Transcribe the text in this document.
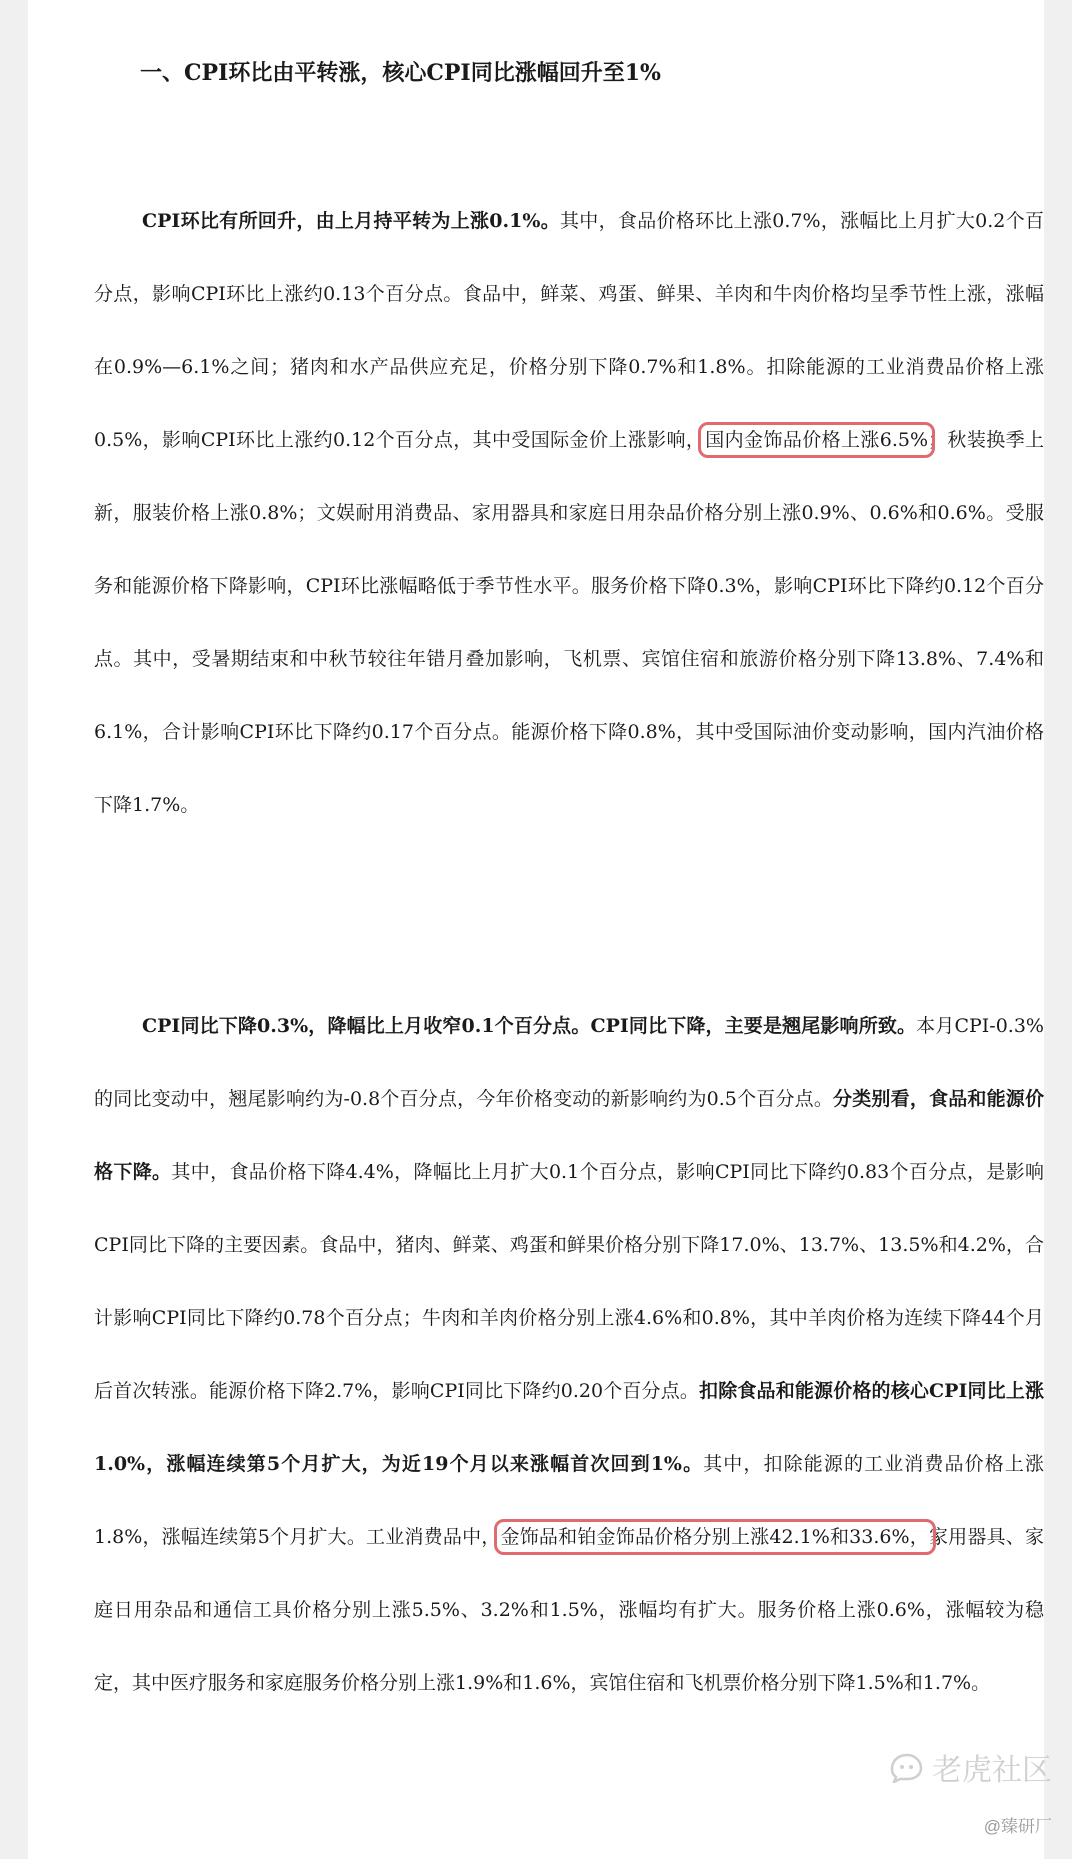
一、CPI环比由平转涨，核心CPI同比涨幅回升至1%
CPI环比有所回升，由上月持平转为上涨0.1%。其中，食品价格环比上涨0.7%，涨幅比上月扩大0.2个百分点，影响CPI环比上涨约0.13个百分点。食品中，鲜菜、鸡蛋、鲜果、羊肉和牛肉价格均呈季节性上涨，涨幅在0.9%—6.1%之间；猪肉和水产品供应充足，价格分别下降0.7%和1.8%。扣除能源的工业消费品价格上涨0.5%，影响CPI环比上涨约0.12个百分点，其中受国际金价上涨影响，国内金饰品价格上涨6.5%；秋装换季上新，服装价格上涨0.8%；文娱耐用消费品、家用器具和家庭日用杂品价格分别上涨0.9%、0.6%和0.6%。受服务和能源价格下降影响，CPI环比涨幅略低于季节性水平。服务价格下降0.3%，影响CPI环比下降约0.12个百分点。其中，受暑期结束和中秋节较往年错月叠加影响，飞机票、宾馆住宿和旅游价格分别下降13.8%、7.4%和6.1%，合计影响CPI环比下降约0.17个百分点。能源价格下降0.8%，其中受国际油价变动影响，国内汽油价格下降1.7%。
CPI同比下降0.3%，降幅比上月收窄0.1个百分点。CPI同比下降，主要是翘尾影响所致。本月CPI-0.3%的同比变动中，翘尾影响约为-0.8个百分点，今年价格变动的新影响约为0.5个百分点。分类别看，食品和能源价格下降。其中，食品价格下降4.4%，降幅比上月扩大0.1个百分点，影响CPI同比下降约0.83个百分点，是影响CPI同比下降的主要因素。食品中，猪肉、鲜菜、鸡蛋和鲜果价格分别下降17.0%、13.7%、13.5%和4.2%，合计影响CPI同比下降约0.78个百分点；牛肉和羊肉价格分别上涨4.6%和0.8%，其中羊肉价格为连续下降44个月后首次转涨。能源价格下降2.7%，影响CPI同比下降约0.20个百分点。扣除食品和能源价格的核心CPI同比上涨1.0%，涨幅连续第5个月扩大，为近19个月以来涨幅首次回到1%。其中，扣除能源的工业消费品价格上涨1.8%，涨幅连续第5个月扩大。工业消费品中，金饰品和铂金饰品价格分别上涨42.1%和33.6%，家用器具、家庭日用杂品和通信工具价格分别上涨5.5%、3.2%和1.5%，涨幅均有扩大。服务价格上涨0.6%，涨幅较为稳定，其中医疗服务和家庭服务价格分别上涨1.9%和1.6%，宾馆住宿和飞机票价格分别下降1.5%和1.7%。
老虎社区
@臻研厂
